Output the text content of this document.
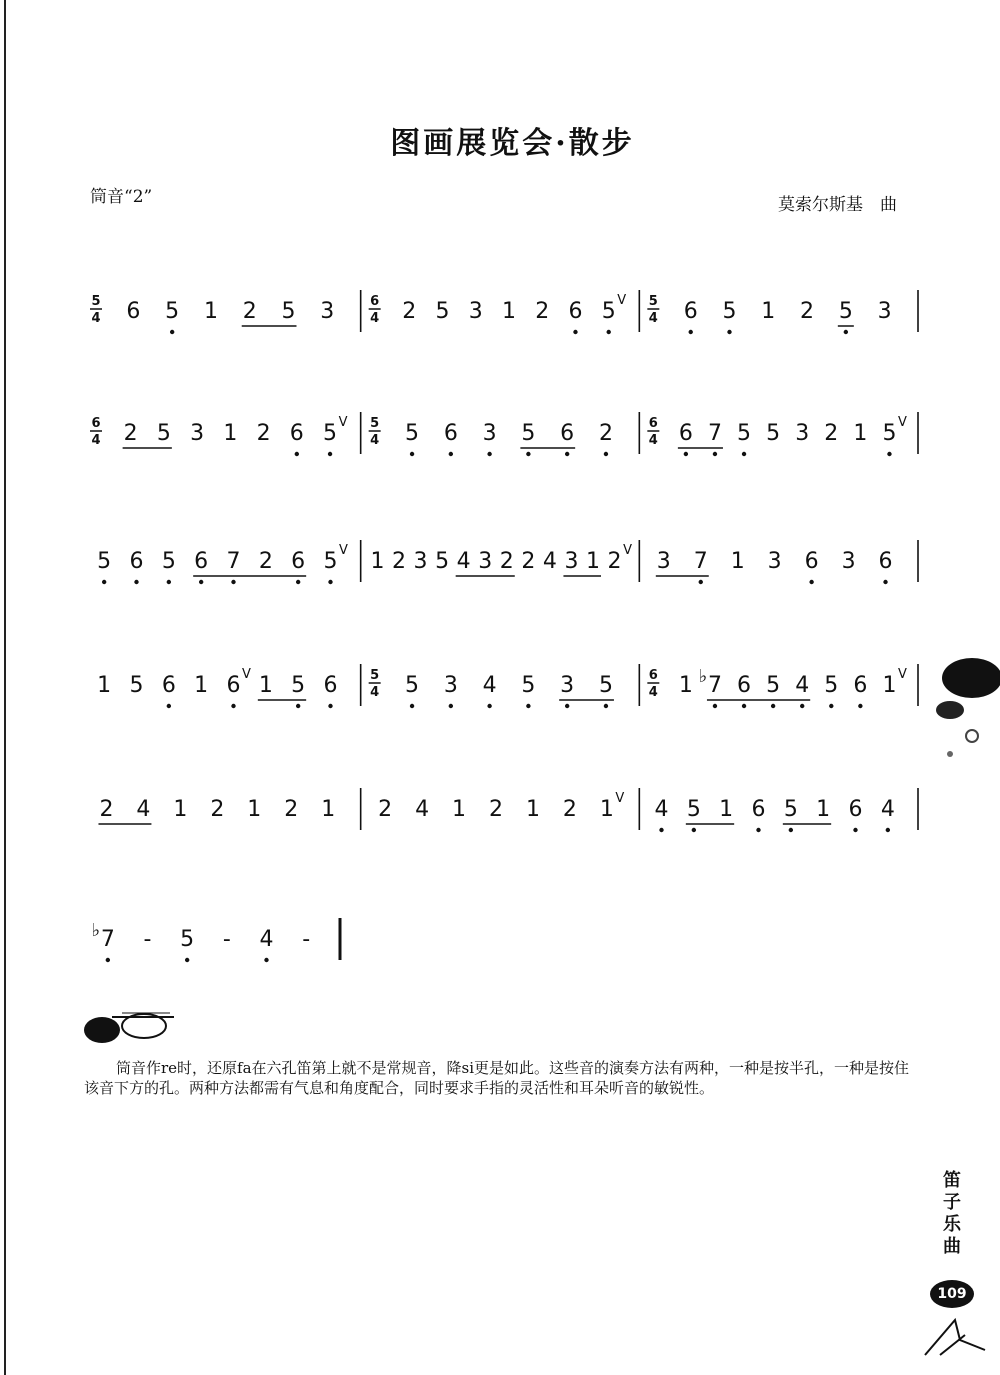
图画展览会·散步
筒音“2”	莫索尔斯基　曲
5
4 6 5 1 2 5 3	6
4 2 5 3 1 2 6 5 V 5
4 6 5 1 2 5 3
6
4 2 5 3 1 2 6 5 V 5
4 5 6 3 5 6 2	6
4 6 7 5 5 3 2 1 5 V
5 6 5 6 7 2 6 5 V 1 2 3 5 4 3 2 2 4 3 1 2 V 3 7 1 3 6 3 6
1 5 6 1 6 V 1 5 6	5
4 5 3 4 5 3 5	6
4 1 ♭ 7 6 5 4 5 6 1 V
2 4 1 2 1 2 1 2 4 1 2 1 2 1 V 4 5 1 6 5 1 6 4
♭ 7 - 5 - 4 -
筒音作re时，还原fa在六孔笛第上就不是常规音，降si更是如此。这些音的演奏方法有两种，一种是按半孔，一种是按住该音下方的孔。两种方法都需有气息和角度配合，同时要求手指的灵活性和耳朵听音的敏锐性。
笛子乐曲
109
